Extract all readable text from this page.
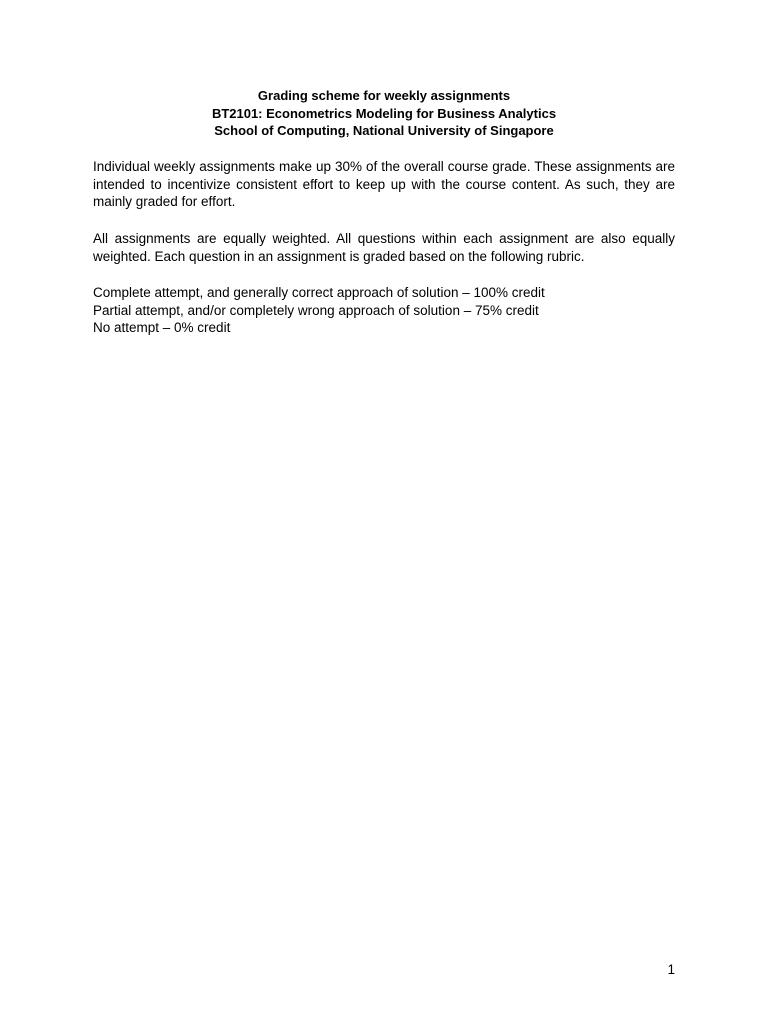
Grading scheme for weekly assignments
BT2101: Econometrics Modeling for Business Analytics
School of Computing, National University of Singapore

Individual weekly assignments make up 30% of the overall course grade. These assignments are intended to incentivize consistent effort to keep up with the course content. As such, they are mainly graded for effort.

All assignments are equally weighted. All questions within each assignment are also equally weighted. Each question in an assignment is graded based on the following rubric.

Complete attempt, and generally correct approach of solution – 100% credit
Partial attempt, and/or completely wrong approach of solution – 75% credit
No attempt – 0% credit
1
